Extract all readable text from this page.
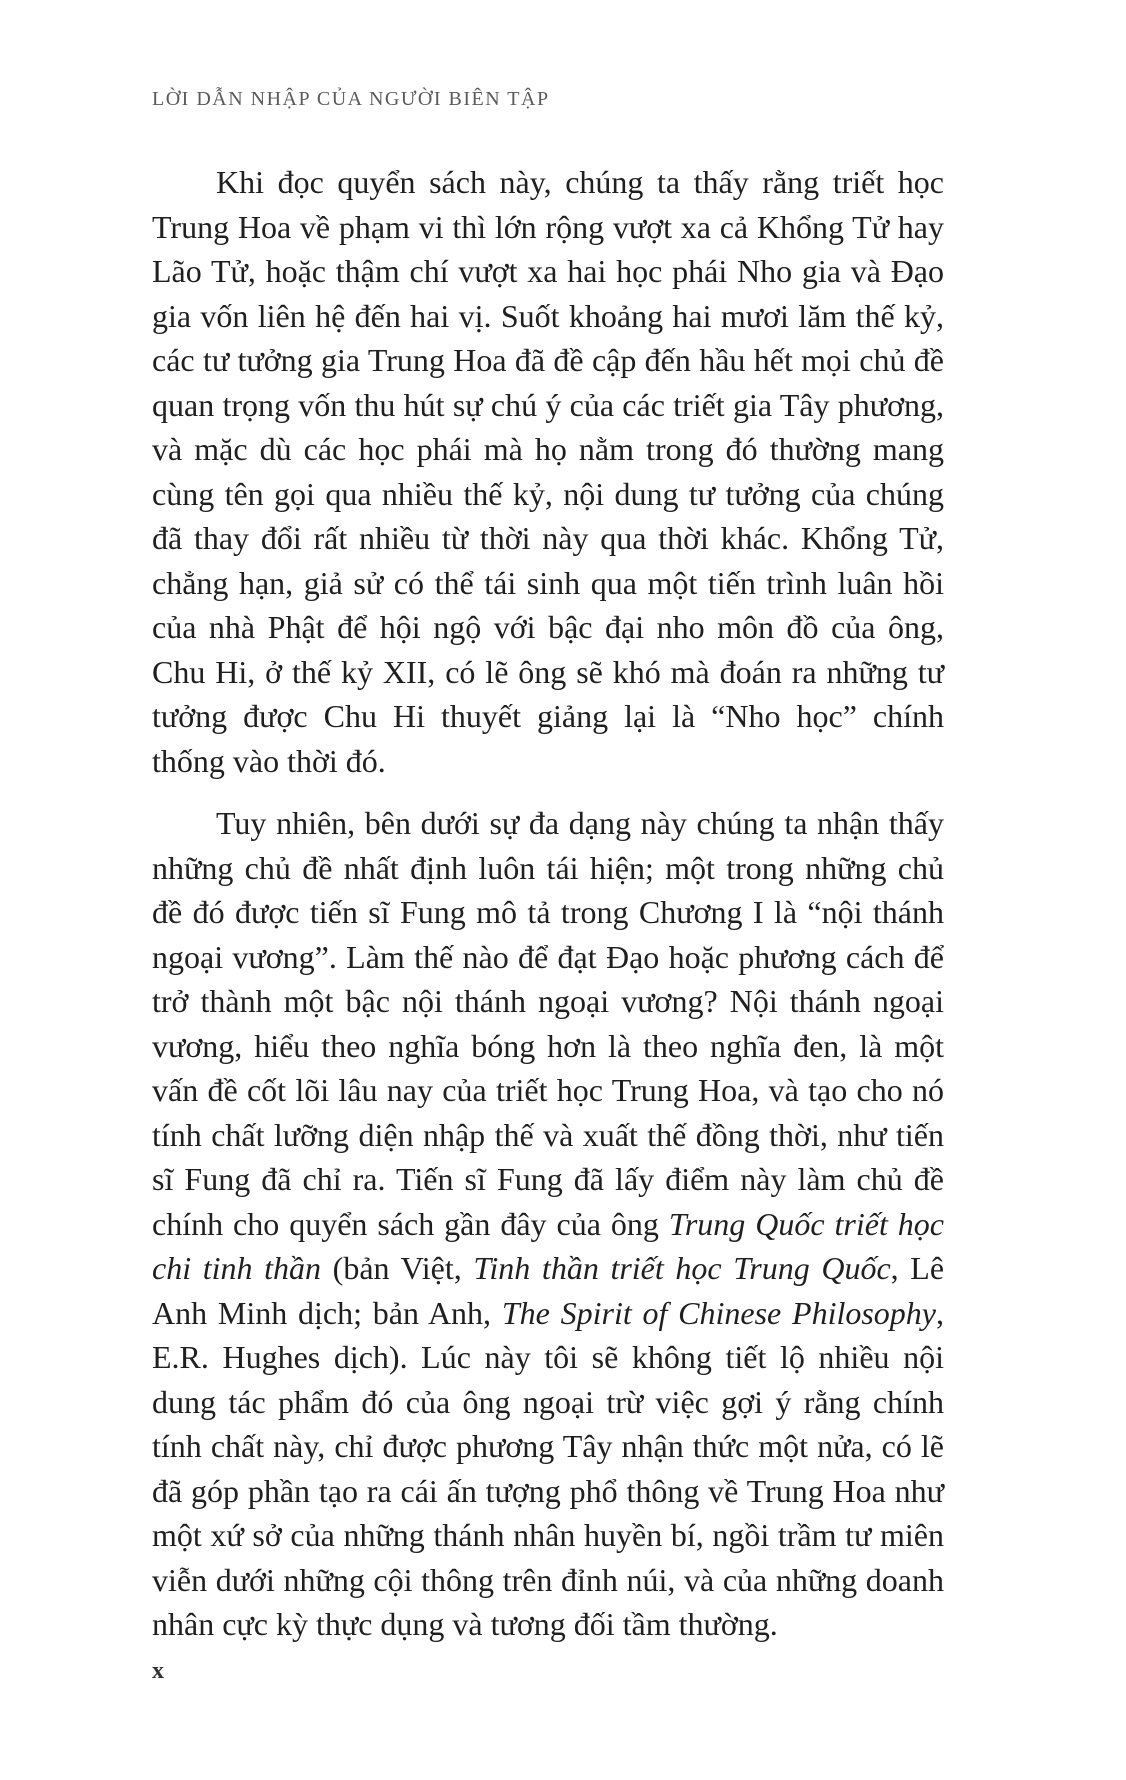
LỜI DẪN NHẬP CỦA NGƯỜI BIÊN TẬP

Khi đọc quyển sách này, chúng ta thấy rằng triết học Trung Hoa về phạm vi thì lớn rộng vượt xa cả Khổng Tử hay Lão Tử, hoặc thậm chí vượt xa hai học phái Nho gia và Đạo gia vốn liên hệ đến hai vị. Suốt khoảng hai mươi lăm thế kỷ, các tư tưởng gia Trung Hoa đã đề cập đến hầu hết mọi chủ đề quan trọng vốn thu hút sự chú ý của các triết gia Tây phương, và mặc dù các học phái mà họ nằm trong đó thường mang cùng tên gọi qua nhiều thế kỷ, nội dung tư tưởng của chúng đã thay đổi rất nhiều từ thời này qua thời khác. Khổng Tử, chẳng hạn, giả sử có thể tái sinh qua một tiến trình luân hồi của nhà Phật để hội ngộ với bậc đại nho môn đồ của ông, Chu Hi, ở thế kỷ XII, có lẽ ông sẽ khó mà đoán ra những tư tưởng được Chu Hi thuyết giảng lại là “Nho học” chính thống vào thời đó.

Tuy nhiên, bên dưới sự đa dạng này chúng ta nhận thấy những chủ đề nhất định luôn tái hiện; một trong những chủ đề đó được tiến sĩ Fung mô tả trong Chương I là “nội thánh ngoại vương”. Làm thế nào để đạt Đạo hoặc phương cách để trở thành một bậc nội thánh ngoại vương? Nội thánh ngoại vương, hiểu theo nghĩa bóng hơn là theo nghĩa đen, là một vấn đề cốt lõi lâu nay của triết học Trung Hoa, và tạo cho nó tính chất lưỡng diện nhập thế và xuất thế đồng thời, như tiến sĩ Fung đã chỉ ra. Tiến sĩ Fung đã lấy điểm này làm chủ đề chính cho quyển sách gần đây của ông Trung Quốc triết học chi tinh thần (bản Việt, Tinh thần triết học Trung Quốc, Lê Anh Minh dịch; bản Anh, The Spirit of Chinese Philosophy, E.R. Hughes dịch). Lúc này tôi sẽ không tiết lộ nhiều nội dung tác phẩm đó của ông ngoại trừ việc gợi ý rằng chính tính chất này, chỉ được phương Tây nhận thức một nửa, có lẽ đã góp phần tạo ra cái ấn tượng phổ thông về Trung Hoa như một xứ sở của những thánh nhân huyền bí, ngồi trầm tư miên viễn dưới những cội thông trên đỉnh núi, và của những doanh nhân cực kỳ thực dụng và tương đối tầm thường.

x
